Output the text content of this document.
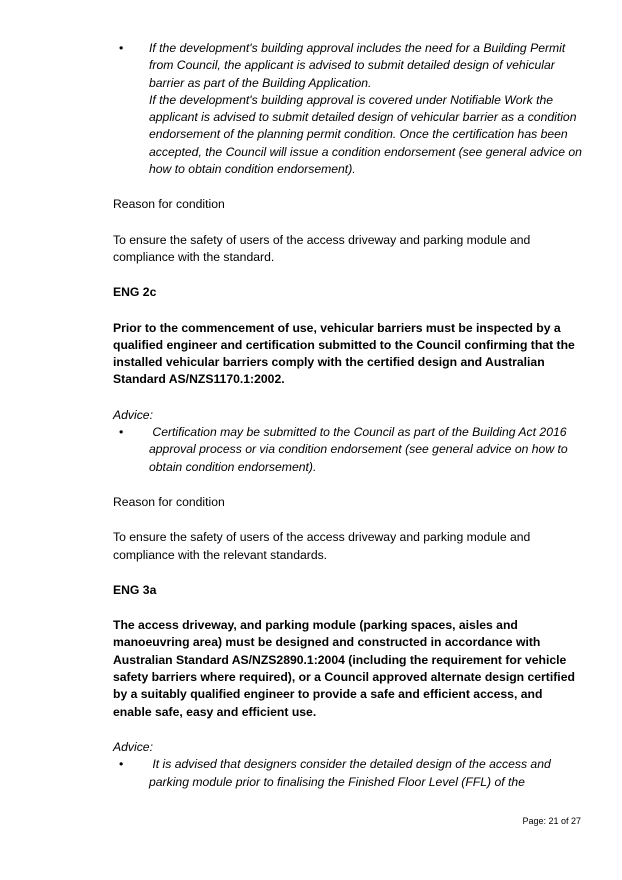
• If the development's building approval includes the need for a Building Permit from Council, the applicant is advised to submit detailed design of vehicular barrier as part of the Building Application.

If the development's building approval is covered under Notifiable Work the applicant is advised to submit detailed design of vehicular barrier as a condition endorsement of the planning permit condition. Once the certification has been accepted, the Council will issue a condition endorsement (see general advice on how to obtain condition endorsement).

Reason for condition

To ensure the safety of users of the access driveway and parking module and compliance with the standard.

ENG 2c

Prior to the commencement of use, vehicular barriers must be inspected by a qualified engineer and certification submitted to the Council confirming that the installed vehicular barriers comply with the certified design and Australian Standard AS/NZS1170.1:2002.

Advice:

• Certification may be submitted to the Council as part of the Building Act 2016 approval process or via condition endorsement (see general advice on how to obtain condition endorsement).

Reason for condition

To ensure the safety of users of the access driveway and parking module and compliance with the relevant standards.

ENG 3a

The access driveway, and parking module (parking spaces, aisles and manoeuvring area) must be designed and constructed in accordance with Australian Standard AS/NZS2890.1:2004 (including the requirement for vehicle safety barriers where required), or a Council approved alternate design certified by a suitably qualified engineer to provide a safe and efficient access, and enable safe, easy and efficient use.

Advice:

• It is advised that designers consider the detailed design of the access and parking module prior to finalising the Finished Floor Level (FFL) of the

Page: 21 of 27
